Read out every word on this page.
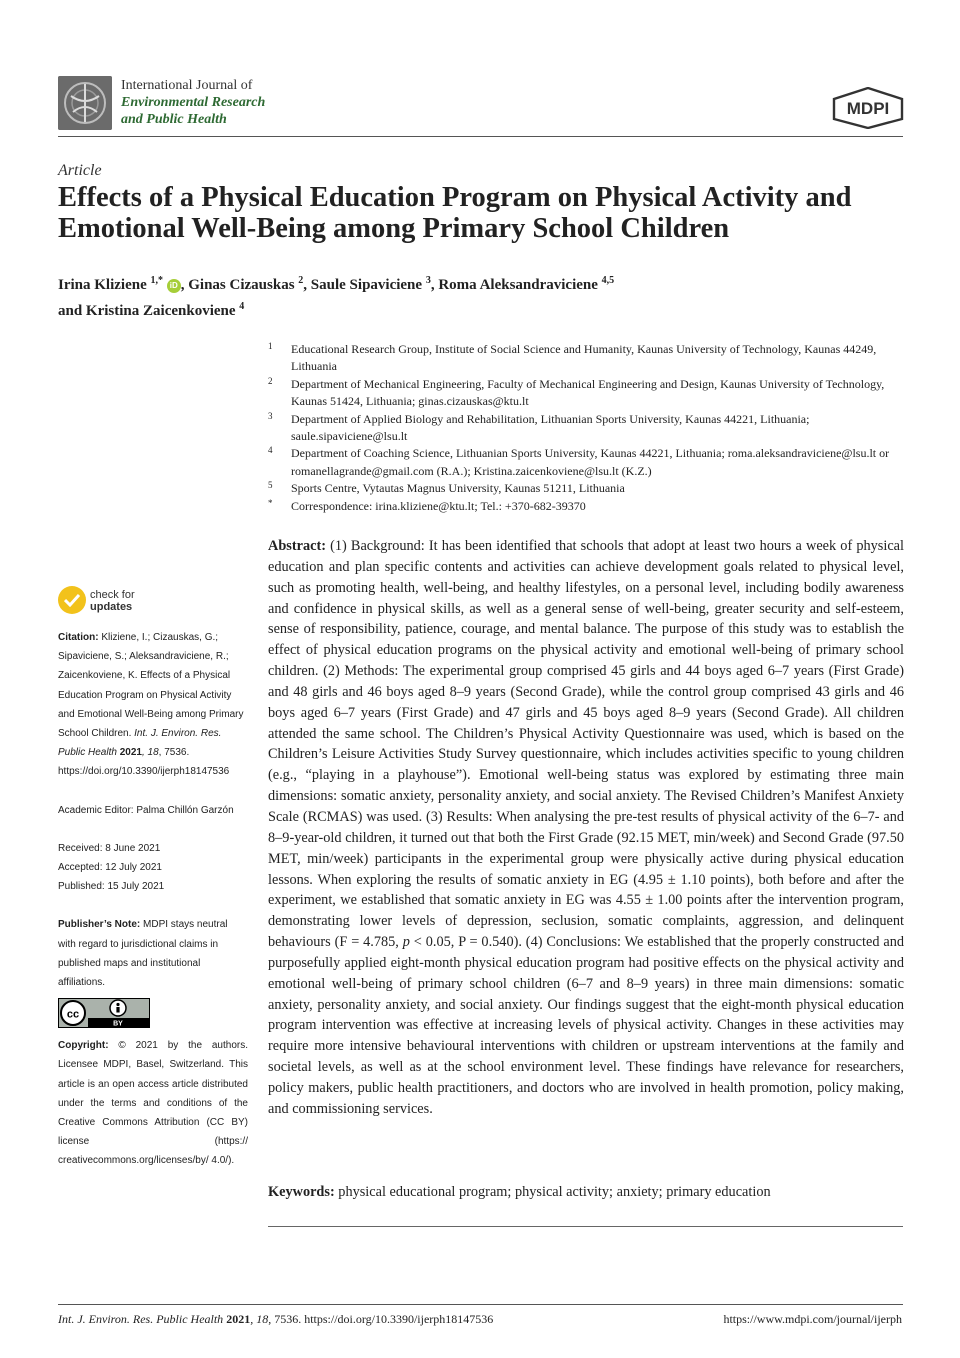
International Journal of
Environmental Research
and Public Health
MDPI
Article
Effects of a Physical Education Program on Physical Activity and Emotional Well-Being among Primary School Children
Irina Kliziene $^{1,*}$ iD , Ginas Cizauskas $^2$, Saule Sipaviciene $^3$, Roma Aleksandraviciene $^{4,5}$
and Kristina Zaicenkoviene $^4$
1 Educational Research Group, Institute of Social Science and Humanity, Kaunas University of Technology, Kaunas 44249, Lithuania
2 Department of Mechanical Engineering, Faculty of Mechanical Engineering and Design, Kaunas University of Technology, Kaunas 51424, Lithuania; ginas.cizauskas@ktu.lt
3 Department of Applied Biology and Rehabilitation, Lithuanian Sports University, Kaunas 44221, Lithuania; saule.sipaviciene@lsu.lt
4 Department of Coaching Science, Lithuanian Sports University, Kaunas 44221, Lithuania; roma.aleksandraviciene@lsu.lt or romanellagrande@gmail.com (R.A.); Kristina.zaicenkoviene@lsu.lt (K.Z.)
5 Sports Centre, Vytautas Magnus University, Kaunas 51211, Lithuania
* Correspondence: irina.kliziene@ktu.lt; Tel.: +370-682-39370
check for
updates
Citation: Kliziene, I.; Cizauskas, G.; Sipaviciene, S.; Aleksandraviciene, R.; Zaicenkoviene, K. Effects of a Physical Education Program on Physical Activity and Emotional Well-Being among Primary School Children. Int. J. Environ. Res. Public Health 2021, 18, 7536. https://doi.org/10.3390/ijerph18147536
Academic Editor: Palma Chillón Garzón
Received: 8 June 2021
Accepted: 12 July 2021
Published: 15 July 2021
Publisher’s Note: MDPI stays neutral with regard to jurisdictional claims in published maps and institutional affiliations.
cc
BY
Copyright: © 2021 by the authors. Licensee MDPI, Basel, Switzerland. This article is an open access article distributed under the terms and conditions of the Creative Commons Attribution (CC BY) license (https:// creativecommons.org/licenses/by/ 4.0/).
Abstract: (1) Background: It has been identified that schools that adopt at least two hours a week of physical education and plan specific contents and activities can achieve development goals related to physical level, such as promoting health, well-being, and healthy lifestyles, on a personal level, including bodily awareness and confidence in physical skills, as well as a general sense of well-being, greater security and self-esteem, sense of responsibility, patience, courage, and mental balance. The purpose of this study was to establish the effect of physical education programs on the physical activity and emotional well-being of primary school children. (2) Methods: The experimental group comprised 45 girls and 44 boys aged 6–7 years (First Grade) and 48 girls and 46 boys aged 8–9 years (Second Grade), while the control group comprised 43 girls and 46 boys aged 6–7 years (First Grade) and 47 girls and 45 boys aged 8–9 years (Second Grade). All children attended the same school. The Children’s Physical Activity Questionnaire was used, which is based on the Children’s Leisure Activities Study Survey questionnaire, which includes activities specific to young children (e.g., “playing in a playhouse”). Emotional well-being status was explored by estimating three main dimensions: somatic anxiety, personality anxiety, and social anxiety. The Revised Children’s Manifest Anxiety Scale (RCMAS) was used. (3) Results: When analysing the pre-test results of physical activity of the 6–7- and 8–9-year-old children, it turned out that both the First Grade (92.15 MET, min/week) and Second Grade (97.50 MET, min/week) participants in the experimental group were physically active during physical education lessons. When exploring the results of somatic anxiety in EG (4.95 ± 1.10 points), both before and after the experiment, we established that somatic anxiety in EG was 4.55 ± 1.00 points after the intervention program, demonstrating lower levels of depression, seclusion, somatic complaints, aggression, and delinquent behaviours (F = 4.785, p < 0.05, P = 0.540). (4) Conclusions: We established that the properly constructed and purposefully applied eight-month physical education program had positive effects on the physical activity and emotional well-being of primary school children (6–7 and 8–9 years) in three main dimensions: somatic anxiety, personality anxiety, and social anxiety. Our findings suggest that the eight-month physical education program intervention was effective at increasing levels of physical activity. Changes in these activities may require more intensive behavioural interventions with children or upstream interventions at the family and societal levels, as well as at the school environment level. These findings have relevance for researchers, policy makers, public health practitioners, and doctors who are involved in health promotion, policy making, and commissioning services.
Keywords: physical educational program; physical activity; anxiety; primary education
Int. J. Environ. Res. Public Health 2021, 18, 7536. https://doi.org/10.3390/ijerph18147536	https://www.mdpi.com/journal/ijerph
